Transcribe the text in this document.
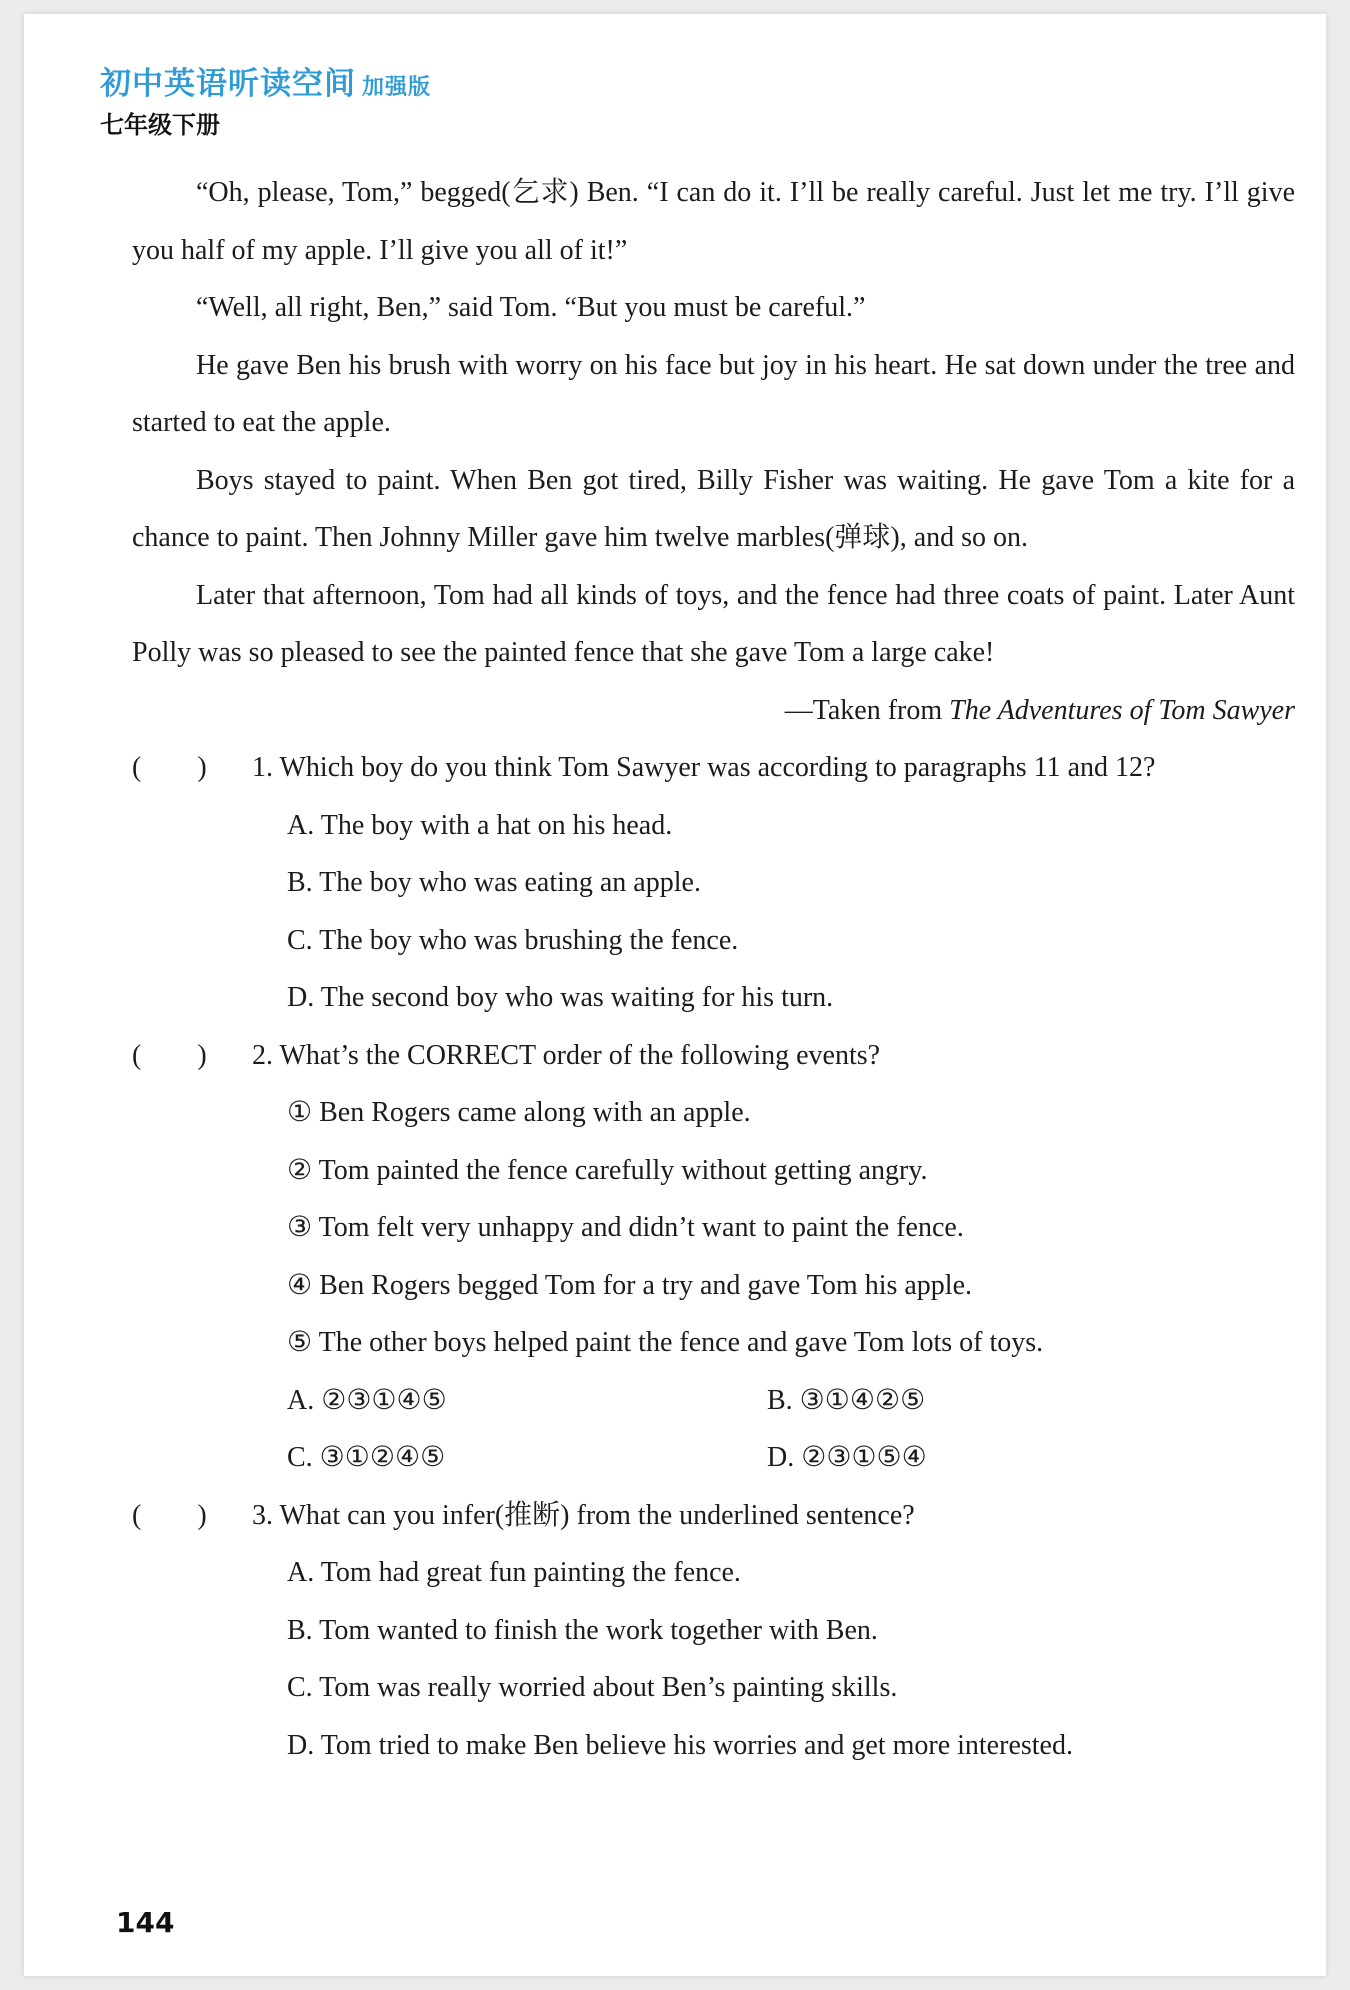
初中英语听读空间 加强版
七年级下册

“Oh, please, Tom,” begged(乞求) Ben. “I can do it. I’ll be really careful. Just let me try. I’ll give you half of my apple. I’ll give you all of it!”

“Well, all right, Ben,” said Tom. “But you must be careful.”

He gave Ben his brush with worry on his face but joy in his heart. He sat down under the tree and started to eat the apple.

Boys stayed to paint. When Ben got tired, Billy Fisher was waiting. He gave Tom a kite for a chance to paint. Then Johnny Miller gave him twelve marbles(弹球), and so on.

Later that afternoon, Tom had all kinds of toys, and the fence had three coats of paint. Later Aunt Polly was so pleased to see the painted fence that she gave Tom a large cake!

—Taken from The Adventures of Tom Sawyer

(        ) 1. Which boy do you think Tom Sawyer was according to paragraphs 11 and 12?

A. The boy with a hat on his head.

B. The boy who was eating an apple.

C. The boy who was brushing the fence.

D. The second boy who was waiting for his turn.

(        ) 2. What’s the CORRECT order of the following events?

① Ben Rogers came along with an apple.

② Tom painted the fence carefully without getting angry.

③ Tom felt very unhappy and didn’t want to paint the fence.

④ Ben Rogers begged Tom for a try and gave Tom his apple.

⑤ The other boys helped paint the fence and gave Tom lots of toys.

A. ②③①④⑤	B. ③①④②⑤
C. ③①②④⑤	D. ②③①⑤④

(        ) 3. What can you infer(推断) from the underlined sentence?

A. Tom had great fun painting the fence.

B. Tom wanted to finish the work together with Ben.

C. Tom was really worried about Ben’s painting skills.

D. Tom tried to make Ben believe his worries and get more interested.

144
